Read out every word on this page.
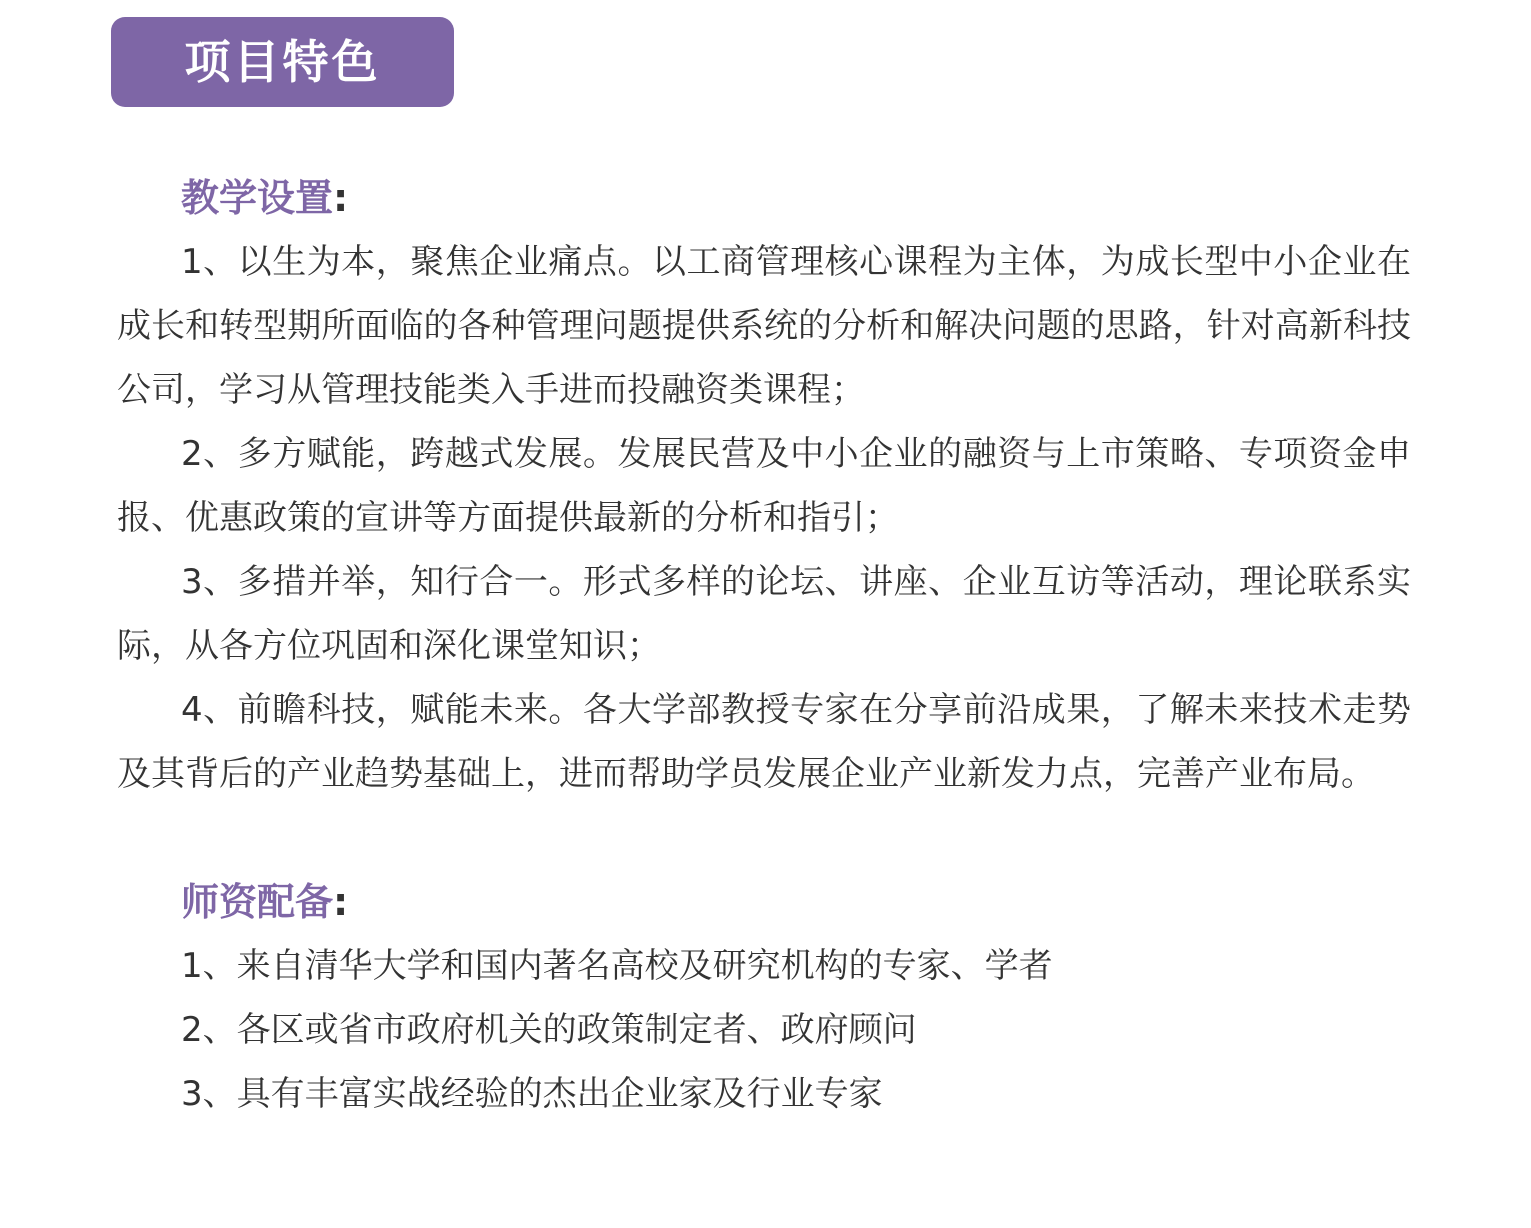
项目特色
教学设置:

1、以生为本，聚焦企业痛点。以工商管理核心课程为主体，为成长型中小企业在成长和转型期所面临的各种管理问题提供系统的分析和解决问题的思路，针对高新科技公司，学习从管理技能类入手进而投融资类课程；

2、多方赋能，跨越式发展。发展民营及中小企业的融资与上市策略、专项资金申报、优惠政策的宣讲等方面提供最新的分析和指引；

3、多措并举，知行合一。形式多样的论坛、讲座、企业互访等活动，理论联系实际，从各方位巩固和深化课堂知识；

4、前瞻科技，赋能未来。各大学部教授专家在分享前沿成果，了解未来技术走势及其背后的产业趋势基础上，进而帮助学员发展企业产业新发力点，完善产业布局。

师资配备:

1、来自清华大学和国内著名高校及研究机构的专家、学者

2、各区或省市政府机关的政策制定者、政府顾问

3、具有丰富实战经验的杰出企业家及行业专家
